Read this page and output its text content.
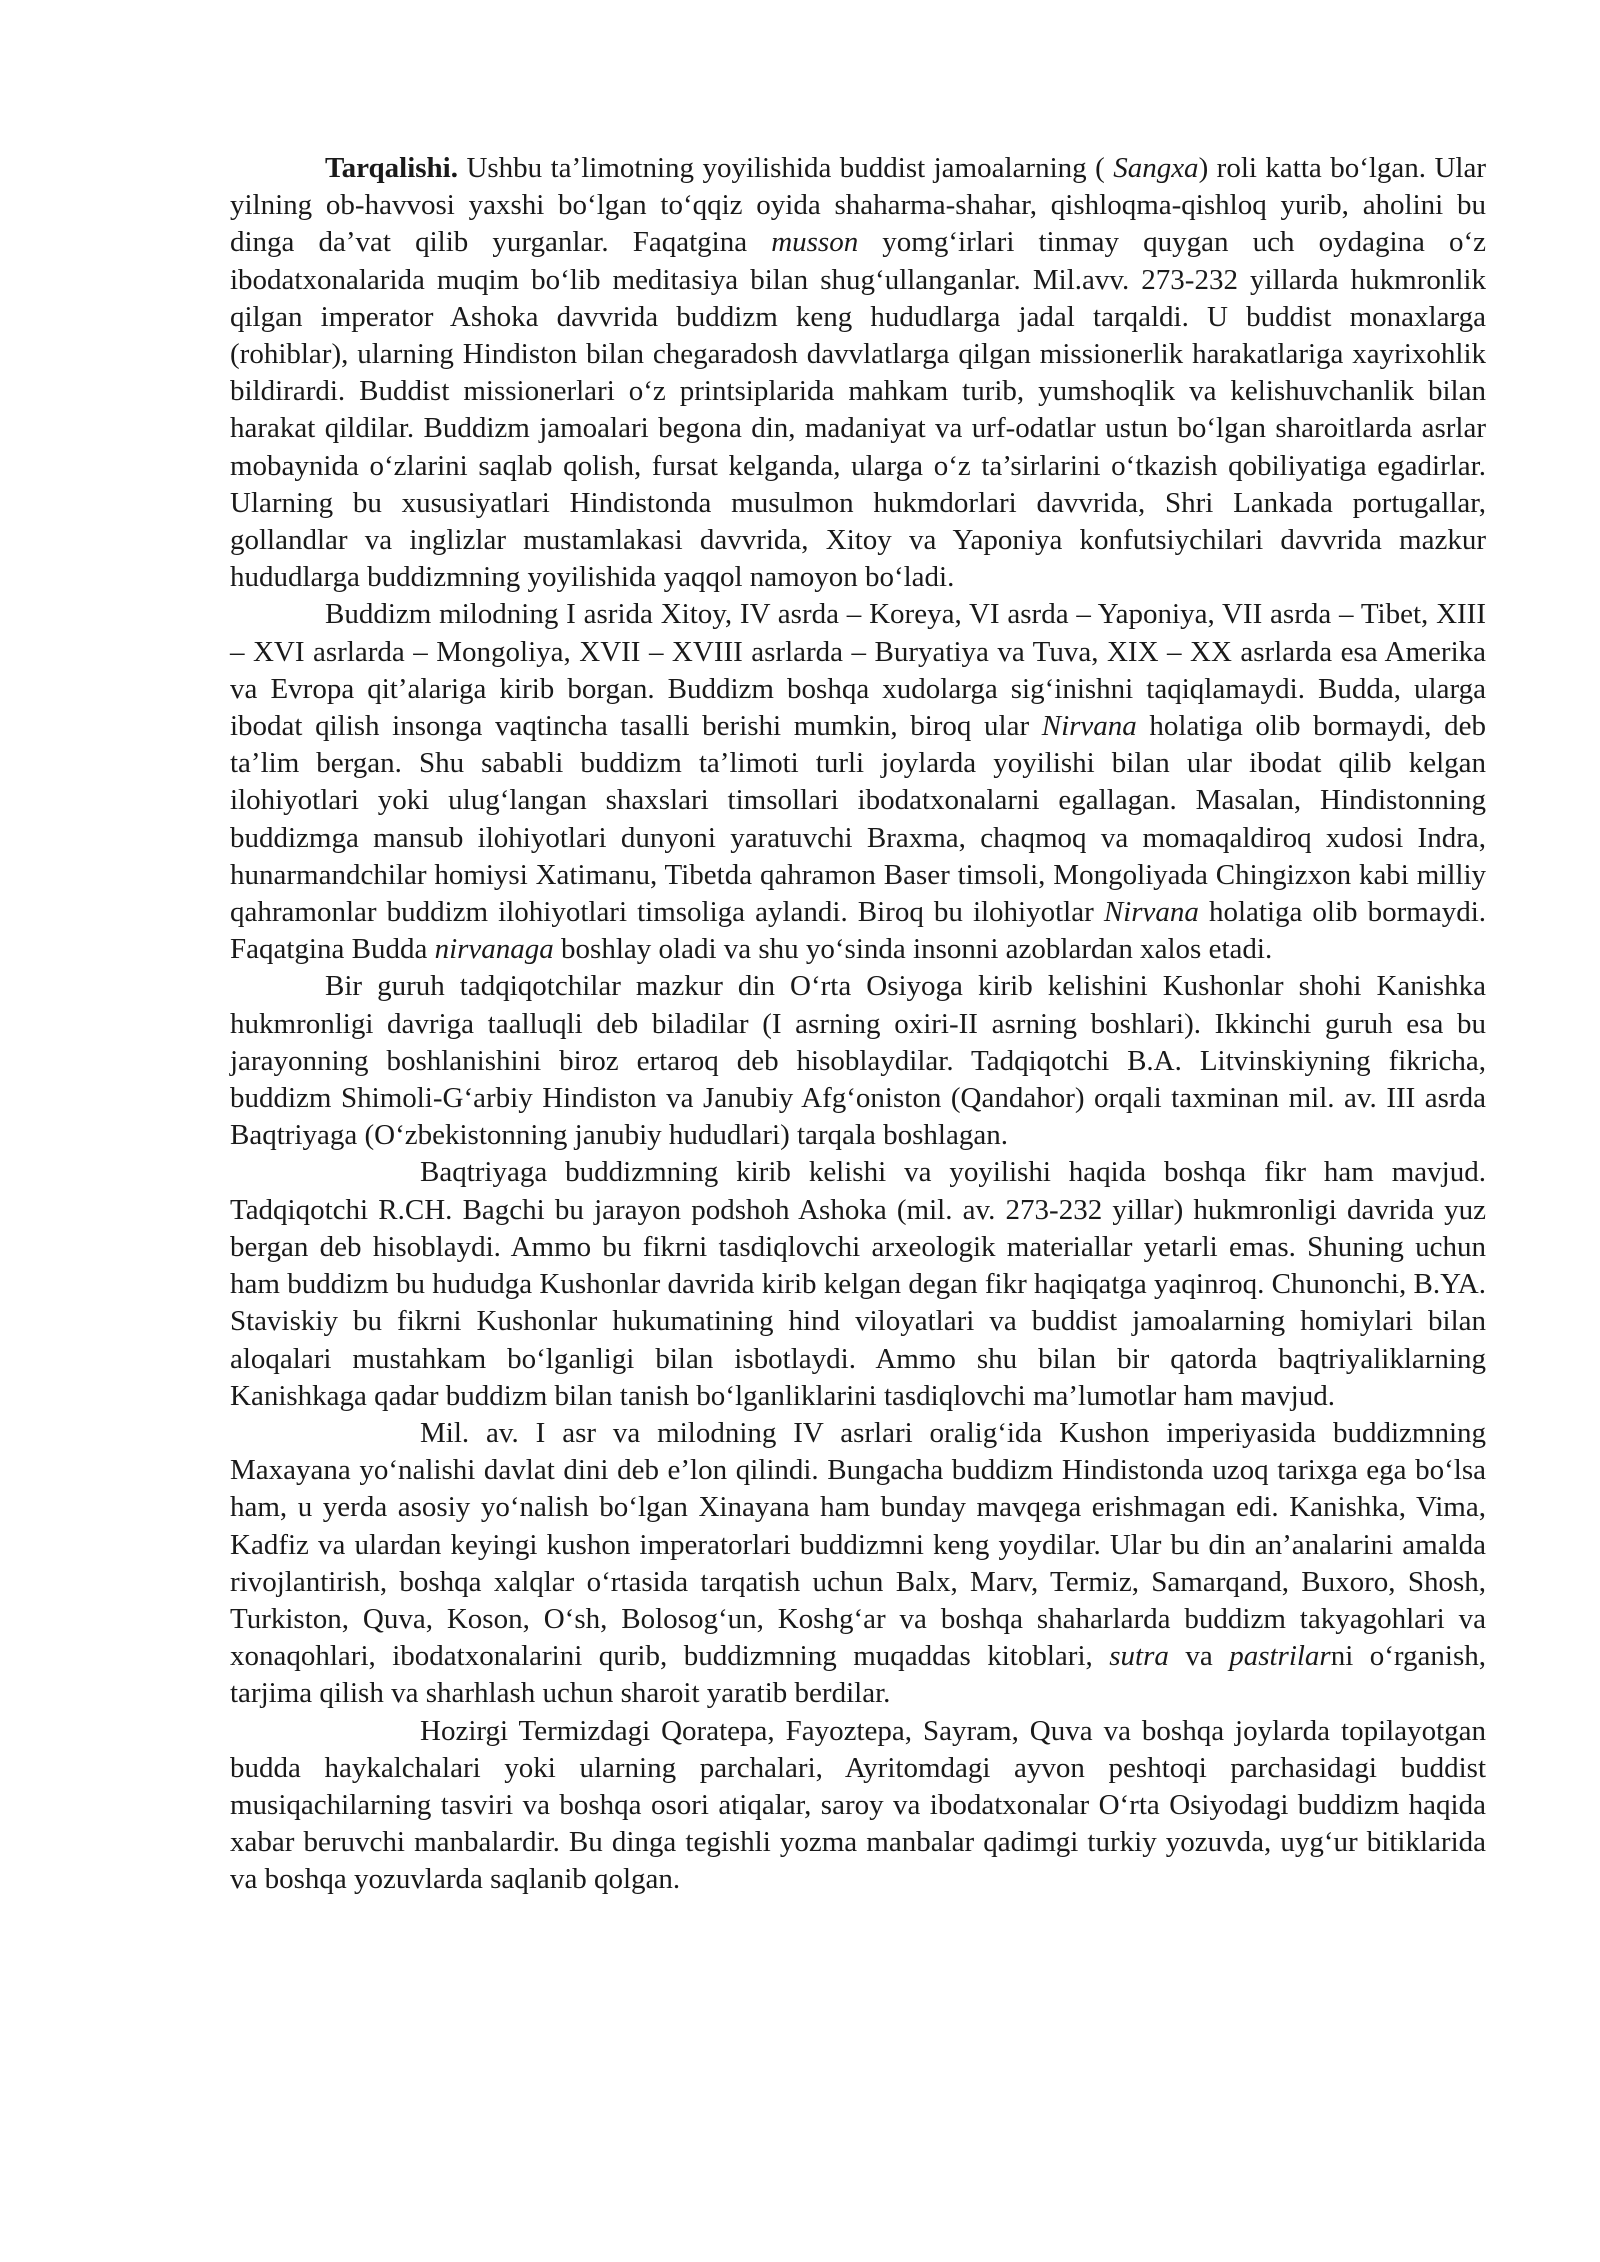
Tarqalishi. Ushbu ta’limotning yoyilishida buddist jamoalarning ( Sangxa) roli katta bo‘lgan. Ular yilning ob-havvosi yaxshi bo‘lgan to‘qqiz oyida shaharma-shahar, qishloqma-qishloq yurib, aholini bu dinga da’vat qilib yurganlar. Faqatgina musson yomg‘irlari tinmay quygan uch oydagina o‘z ibodatxonalarida muqim bo‘lib meditasiya bilan shug‘ullanganlar. Mil.avv. 273-232 yillarda hukmronlik qilgan imperator Ashoka davvrida buddizm keng hududlarga jadal tarqaldi. U buddist monaxlarga (rohiblar), ularning Hindiston bilan chegaradosh davvlatlarga qilgan missionerlik harakatlariga xayrixohlik bildirardi. Buddist missionerlari o‘z printsiplarida mahkam turib, yumshoqlik va kelishuvchanlik bilan harakat qildilar. Buddizm jamoalari begona din, madaniyat va urf-odatlar ustun bo‘lgan sharoitlarda asrlar mobaynida o‘zlarini saqlab qolish, fursat kelganda, ularga o‘z ta’sirlarini o‘tkazish qobiliyatiga egadirlar. Ularning bu xususiyatlari Hindistonda musulmon hukmdorlari davvrida, Shri Lankada portugallar, gollandlar va inglizlar mustamlakasi davvrida, Xitoy va Yaponiya konfutsiychilari davvrida mazkur hududlarga buddizmning yoyilishida yaqqol namoyon bo‘ladi.

Buddizm milodning I asrida Xitoy, IV asrda – Koreya, VI asrda – Yaponiya, VII asrda – Tibet, XIII – XVI asrlarda – Mongoliya, XVII – XVIII asrlarda – Buryatiya va Tuva, XIX – XX asrlarda esa Amerika va Evropa qit’alariga kirib borgan. Buddizm boshqa xudolarga sig‘inishni taqiqlamaydi. Budda, ularga ibodat qilish insonga vaqtincha tasalli berishi mumkin, biroq ular Nirvana holatiga olib bormaydi, deb ta’lim bergan. Shu sababli buddizm ta’limoti turli joylarda yoyilishi bilan ular ibodat qilib kelgan ilohiyotlari yoki ulug‘langan shaxslari timsollari ibodatxonalarni egallagan. Masalan, Hindistonning buddizmga mansub ilohiyotlari dunyoni yaratuvchi Braxma, chaqmoq va momaqaldiroq xudosi Indra, hunarmandchilar homiysi Xatimanu, Tibetda qahramon Baser timsoli, Mongoliyada Chingizxon kabi milliy qahramonlar buddizm ilohiyotlari timsoliga aylandi. Biroq bu ilohiyotlar Nirvana holatiga olib bormaydi. Faqatgina Budda nirvanaga boshlay oladi va shu yo‘sinda insonni azoblardan xalos etadi.

Bir guruh tadqiqotchilar mazkur din O‘rta Osiyoga kirib kelishini Kushonlar shohi Kanishka hukmronligi davriga taalluqli deb biladilar (I asrning oxiri-II asrning boshlari). Ikkinchi guruh esa bu jarayonning boshlanishini biroz ertaroq deb hisoblaydilar. Tadqiqotchi B.A. Litvinskiyning fikricha, buddizm Shimoli-G‘arbiy Hindiston va Janubiy Afg‘oniston (Qandahor) orqali taxminan mil. av. III asrda Baqtriyaga (O‘zbekistonning janubiy hududlari) tarqala boshlagan.

Baqtriyaga buddizmning kirib kelishi va yoyilishi haqida boshqa fikr ham mavjud. Tadqiqotchi R.CH. Bagchi bu jarayon podshoh Ashoka (mil. av. 273-232 yillar) hukmronligi davrida yuz bergan deb hisoblaydi. Ammo bu fikrni tasdiqlovchi arxeologik materiallar yetarli emas. Shuning uchun ham buddizm bu hududga Kushonlar davrida kirib kelgan degan fikr haqiqatga yaqinroq. Chunonchi, B.YA. Staviskiy bu fikrni Kushonlar hukumatining hind viloyatlari va buddist jamoalarning homiylari bilan aloqalari mustahkam bo‘lganligi bilan isbotlaydi. Ammo shu bilan bir qatorda baqtriyaliklarning Kanishkaga qadar buddizm bilan tanish bo‘lganliklarini tasdiqlovchi ma’lumotlar ham mavjud.

Mil. av. I asr va milodning IV asrlari oralig‘ida Kushon imperiyasida buddizmning Maxayana yo‘nalishi davlat dini deb e’lon qilindi. Bungacha buddizm Hindistonda uzoq tarixga ega bo‘lsa ham, u yerda asosiy yo‘nalish bo‘lgan Xinayana ham bunday mavqega erishmagan edi. Kanishka, Vima, Kadfiz va ulardan keyingi kushon imperatorlari buddizmni keng yoydilar. Ular bu din an’analarini amalda rivojlantirish, boshqa xalqlar o‘rtasida tarqatish uchun Balx, Marv, Termiz, Samarqand, Buxoro, Shosh, Turkiston, Quva, Koson, O‘sh, Bolosog‘un, Koshg‘ar va boshqa shaharlarda buddizm takyagohlari va xonaqohlari, ibodatxonalarini qurib, buddizmning muqaddas kitoblari, sutra va pastrilarni o‘rganish, tarjima qilish va sharhlash uchun sharoit yaratib berdilar.

Hozirgi Termizdagi Qoratepa, Fayoztepa, Sayram, Quva va boshqa joylarda topilayotgan budda haykalchalari yoki ularning parchalari, Ayritomdagi ayvon peshtoqi parchasidagi buddist musiqachilarning tasviri va boshqa osori atiqalar, saroy va ibodatxonalar O‘rta Osiyodagi buddizm haqida xabar beruvchi manbalardir. Bu dinga tegishli yozma manbalar qadimgi turkiy yozuvda, uyg‘ur bitiklarida va boshqa yozuvlarda saqlanib qolgan.
